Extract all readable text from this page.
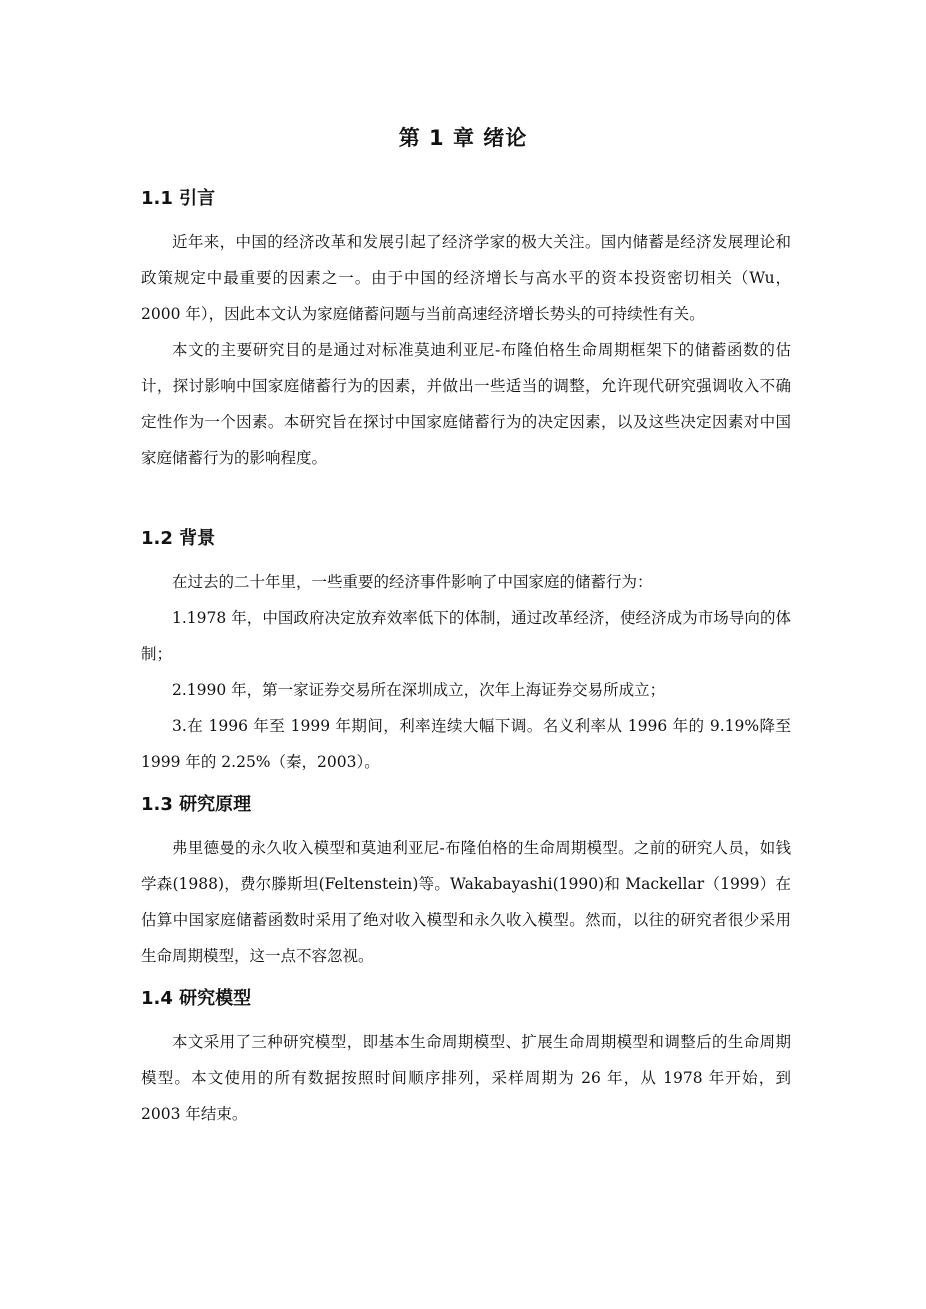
第 1 章 绪论
1.1 引言

近年来，中国的经济改革和发展引起了经济学家的极大关注。国内储蓄是经济发展理论和政策规定中最重要的因素之一。由于中国的经济增长与高水平的资本投资密切相关（Wu，2000 年），因此本文认为家庭储蓄问题与当前高速经济增长势头的可持续性有关。

本文的主要研究目的是通过对标准莫迪利亚尼-布隆伯格生命周期框架下的储蓄函数的估计，探讨影响中国家庭储蓄行为的因素，并做出一些适当的调整，允许现代研究强调收入不确定性作为一个因素。本研究旨在探讨中国家庭储蓄行为的决定因素，以及这些决定因素对中国家庭储蓄行为的影响程度。

1.2 背景

在过去的二十年里，一些重要的经济事件影响了中国家庭的储蓄行为：

1.1978 年，中国政府决定放弃效率低下的体制，通过改革经济，使经济成为市场导向的体制；

2.1990 年，第一家证券交易所在深圳成立，次年上海证券交易所成立；

3.在 1996 年至 1999 年期间，利率连续大幅下调。名义利率从 1996 年的 9.19%降至 1999 年的 2.25%（秦，2003）。

1.3 研究原理

弗里德曼的永久收入模型和莫迪利亚尼-布隆伯格的生命周期模型。之前的研究人员，如钱学森(1988)，费尔滕斯坦(Feltenstein)等。Wakabayashi(1990)和 Mackellar（1999）在估算中国家庭储蓄函数时采用了绝对收入模型和永久收入模型。然而，以往的研究者很少采用生命周期模型，这一点不容忽视。

1.4 研究模型

本文采用了三种研究模型，即基本生命周期模型、扩展生命周期模型和调整后的生命周期模型。本文使用的所有数据按照时间顺序排列，采样周期为 26 年，从 1978 年开始，到 2003 年结束。
